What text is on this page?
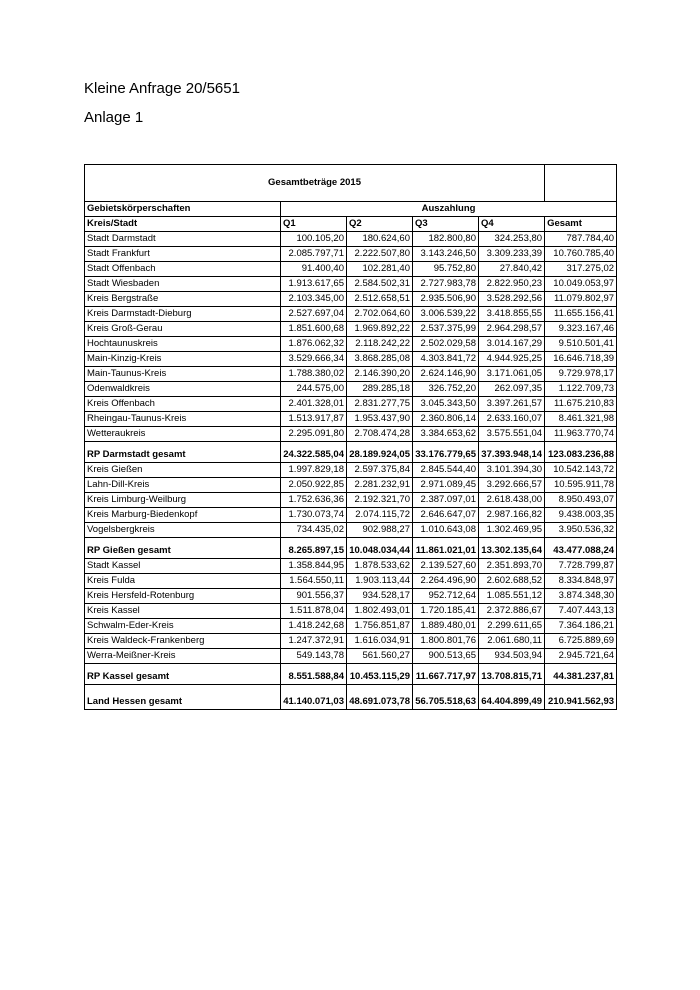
Kleine Anfrage 20/5651
Anlage 1
Gesamtbeträge 2015					
Gebietskörperschaften	Auszahlung				
Kreis/Stadt	Q1	Q2	Q3	Q4	Gesamt
Stadt Darmstadt	100.105,20	180.624,60	182.800,80	324.253,80	787.784,40
Stadt Frankfurt	2.085.797,71	2.222.507,80	3.143.246,50	3.309.233,39	10.760.785,40
Stadt Offenbach	91.400,40	102.281,40	95.752,80	27.840,42	317.275,02
Stadt Wiesbaden	1.913.617,65	2.584.502,31	2.727.983,78	2.822.950,23	10.049.053,97
Kreis Bergstraße	2.103.345,00	2.512.658,51	2.935.506,90	3.528.292,56	11.079.802,97
Kreis Darmstadt-Dieburg	2.527.697,04	2.702.064,60	3.006.539,22	3.418.855,55	11.655.156,41
Kreis Groß-Gerau	1.851.600,68	1.969.892,22	2.537.375,99	2.964.298,57	9.323.167,46
Hochtaunuskreis	1.876.062,32	2.118.242,22	2.502.029,58	3.014.167,29	9.510.501,41
Main-Kinzig-Kreis	3.529.666,34	3.868.285,08	4.303.841,72	4.944.925,25	16.646.718,39
Main-Taunus-Kreis	1.788.380,02	2.146.390,20	2.624.146,90	3.171.061,05	9.729.978,17
Odenwaldkreis	244.575,00	289.285,18	326.752,20	262.097,35	1.122.709,73
Kreis Offenbach	2.401.328,01	2.831.277,75	3.045.343,50	3.397.261,57	11.675.210,83
Rheingau-Taunus-Kreis	1.513.917,87	1.953.437,90	2.360.806,14	2.633.160,07	8.461.321,98
Wetteraukreis	2.295.091,80	2.708.474,28	3.384.653,62	3.575.551,04	11.963.770,74
RP Darmstadt gesamt	24.322.585,04	28.189.924,05	33.176.779,65	37.393.948,14	123.083.236,88
Kreis Gießen	1.997.829,18	2.597.375,84	2.845.544,40	3.101.394,30	10.542.143,72
Lahn-Dill-Kreis	2.050.922,85	2.281.232,91	2.971.089,45	3.292.666,57	10.595.911,78
Kreis Limburg-Weilburg	1.752.636,36	2.192.321,70	2.387.097,01	2.618.438,00	8.950.493,07
Kreis Marburg-Biedenkopf	1.730.073,74	2.074.115,72	2.646.647,07	2.987.166,82	9.438.003,35
Vogelsbergkreis	734.435,02	902.988,27	1.010.643,08	1.302.469,95	3.950.536,32
RP Gießen gesamt	8.265.897,15	10.048.034,44	11.861.021,01	13.302.135,64	43.477.088,24
Stadt Kassel	1.358.844,95	1.878.533,62	2.139.527,60	2.351.893,70	7.728.799,87
Kreis Fulda	1.564.550,11	1.903.113,44	2.264.496,90	2.602.688,52	8.334.848,97
Kreis Hersfeld-Rotenburg	901.556,37	934.528,17	952.712,64	1.085.551,12	3.874.348,30
Kreis Kassel	1.511.878,04	1.802.493,01	1.720.185,41	2.372.886,67	7.407.443,13
Schwalm-Eder-Kreis	1.418.242,68	1.756.851,87	1.889.480,01	2.299.611,65	7.364.186,21
Kreis Waldeck-Frankenberg	1.247.372,91	1.616.034,91	1.800.801,76	2.061.680,11	6.725.889,69
Werra-Meißner-Kreis	549.143,78	561.560,27	900.513,65	934.503,94	2.945.721,64
RP Kassel gesamt	8.551.588,84	10.453.115,29	11.667.717,97	13.708.815,71	44.381.237,81
Land Hessen gesamt	41.140.071,03	48.691.073,78	56.705.518,63	64.404.899,49	210.941.562,93
